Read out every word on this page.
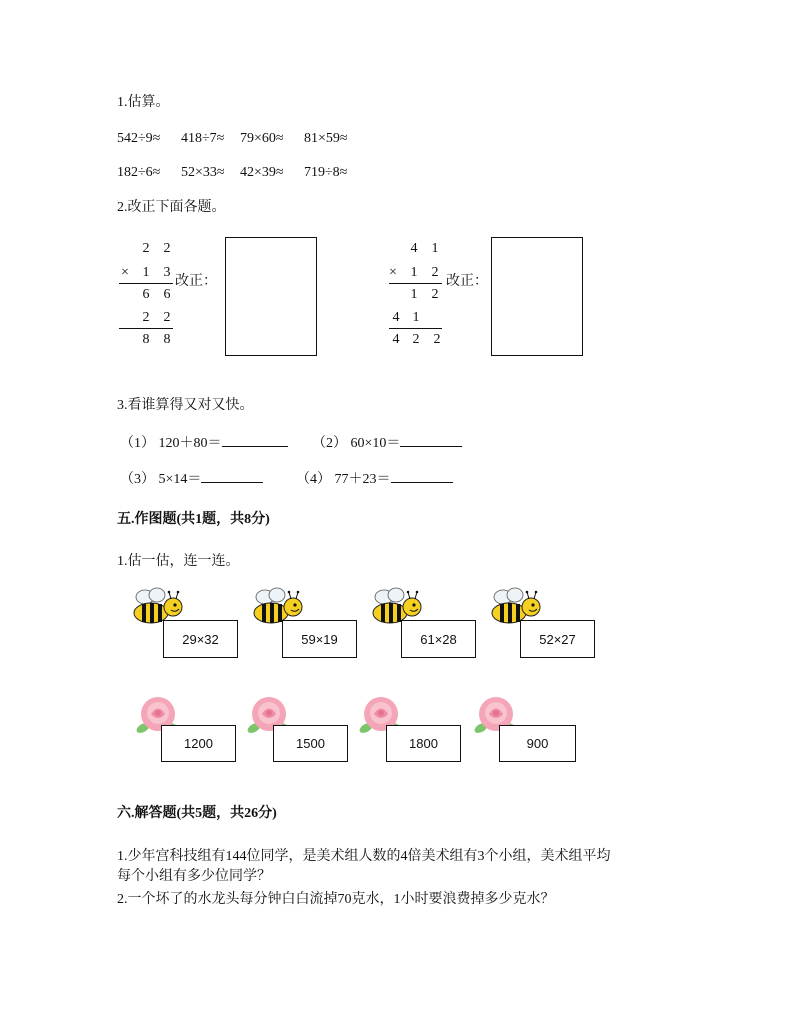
1.估算。
542÷9≈ 418÷7≈ 79×60≈ 81×59≈
182÷6≈ 52×33≈ 42×39≈ 719÷8≈
2.改正下面各题。
2 2
× 1 3
6 6
2 2
8 8
改正：
4 1
× 1 2
1 2
4 1
4 2 2
改正：
3.看谁算得又对又快。
（1） 120＋80＝	（2） 60×10＝
（3） 5×14＝	（4） 77＋23＝
五.作图题(共1题，共8分)
1.估一估，连一连。
29×32	59×19	61×28	52×27
1200	1500	1800	900
六.解答题(共5题，共26分)
1.少年宫科技组有144位同学，是美术组人数的4倍美术组有3个小组，美术组平均
每个小组有多少位同学？
2.一个坏了的水龙头每分钟白白流掉70克水，1小时要浪费掉多少克水？
